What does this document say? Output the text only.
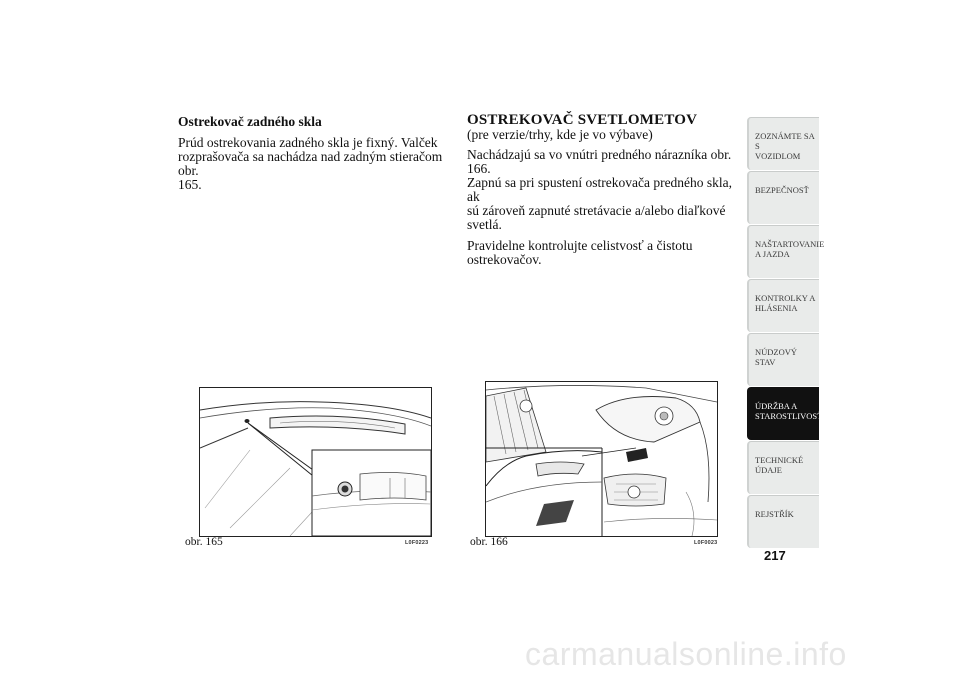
Ostrekovač zadného skla

Prúd ostrekovania zadného skla je fixný. Valček
rozprašovača sa nachádza nad zadným stieračom obr.
165.

OSTREKOVAČ SVETLOMETOV

(pre verzie/trhy, kde je vo výbave)

Nachádzajú sa vo vnútri predného nárazníka obr. 166.
Zapnú sa pri spustení ostrekovača predného skla, ak
sú zároveň zapnuté stretávacie a/alebo diaľkové svetlá.

Pravidelne kontrolujte celistvosť a čistotu
ostrekovačov.

obr. 165	L0F0223	obr. 166	L0F0023
ZOZNÁMTE SA S
VOZIDLOM
BEZPEČNOSŤ
NAŠTARTOVANIE
A JAZDA
KONTROLKY A
HLÁSENIA
NÚDZOVÝ STAV
ÚDRŽBA A
STAROSTLIVOSŤ
TECHNICKÉ
ÚDAJE
REJSTŘÍK
217
carmanualsonline.info
